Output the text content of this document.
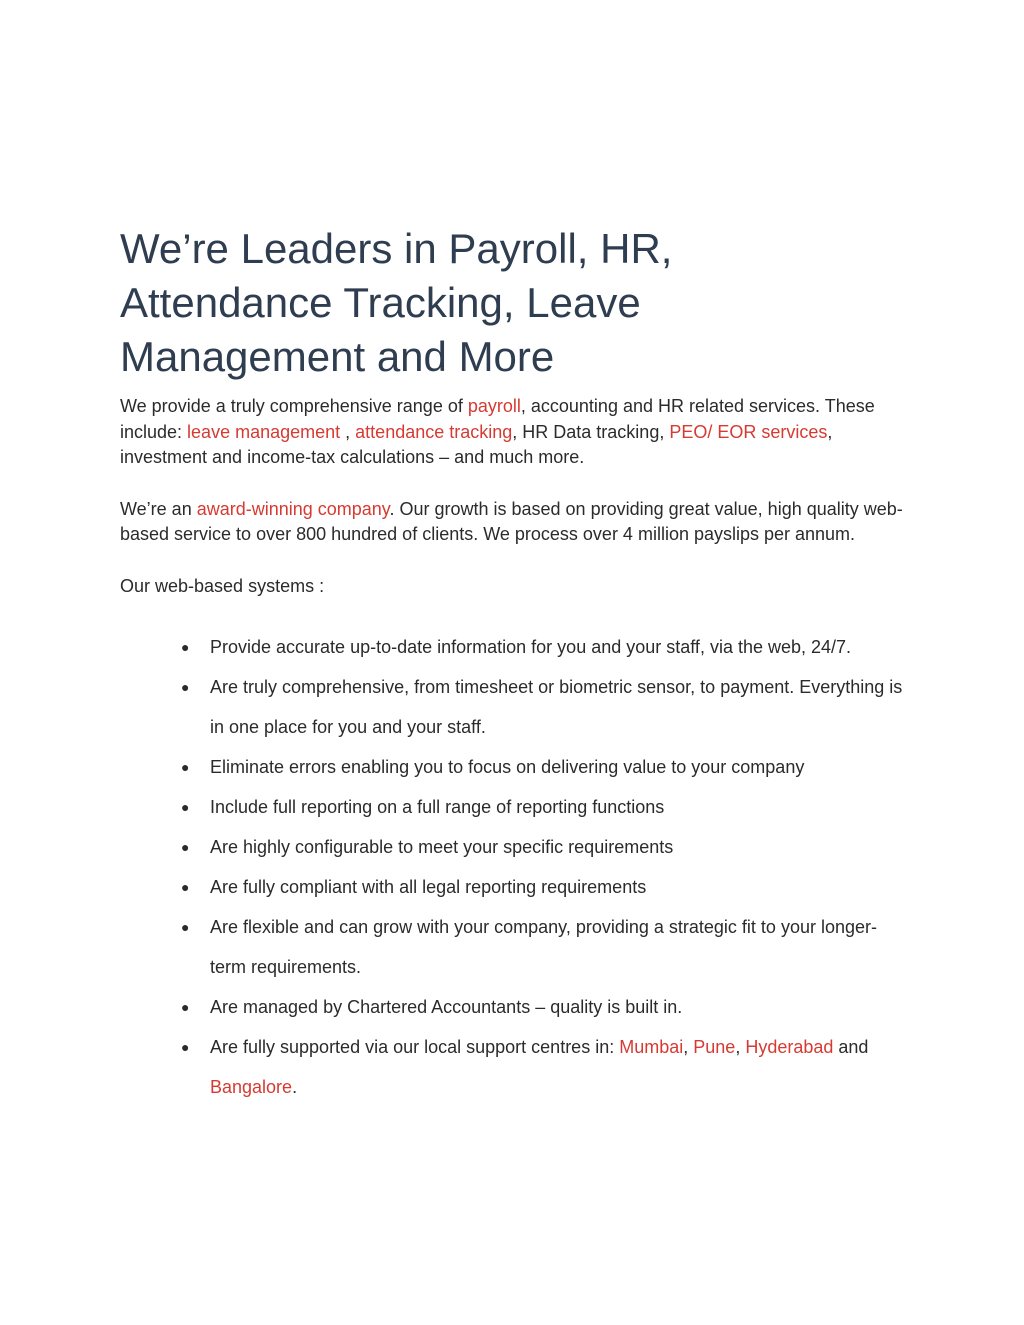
We’re Leaders in Payroll, HR, Attendance Tracking, Leave Management and More

We provide a truly comprehensive range of payroll, accounting and HR related services. These include: leave management , attendance tracking, HR Data tracking, PEO/ EOR services, investment and income-tax calculations – and much more.

We’re an award-winning company. Our growth is based on providing great value, high quality web-based service to over 800 hundred of clients. We process over 4 million payslips per annum.

Our web-based systems :

● Provide accurate up-to-date information for you and your staff, via the web, 24/7.
● Are truly comprehensive, from timesheet or biometric sensor, to payment. Everything is in one place for you and your staff.
● Eliminate errors enabling you to focus on delivering value to your company
● Include full reporting on a full range of reporting functions
● Are highly configurable to meet your specific requirements
● Are fully compliant with all legal reporting requirements
● Are flexible and can grow with your company, providing a strategic fit to your longer-term requirements.
● Are managed by Chartered Accountants – quality is built in.
● Are fully supported via our local support centres in: Mumbai, Pune, Hyderabad and Bangalore.
